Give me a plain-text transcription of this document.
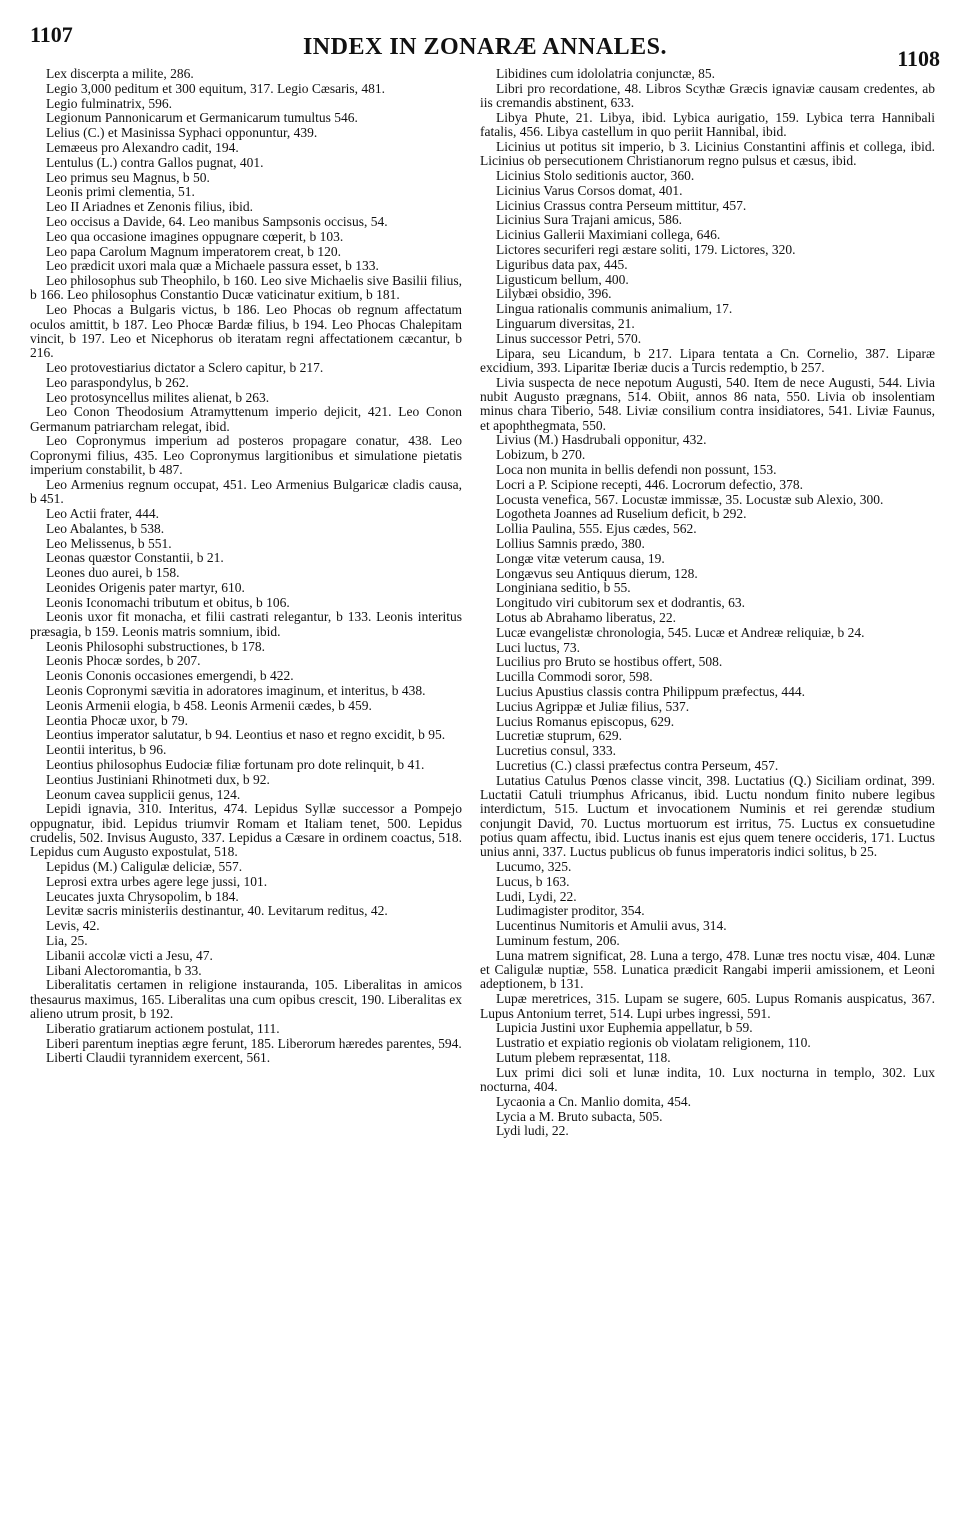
1107	INDEX IN ZONARÆ ANNALES.	1108

Lex discerpta a milite, 286.

Legio 3,000 peditum et 300 equitum, 317. Legio Cæsaris, 481.

Legio fulminatrix, 596.

Legionum Pannonicarum et Germanicarum tumultus 546.

Lelius (C.) et Masinissa Syphaci opponuntur, 439.

Lemæeus pro Alexandro cadit, 194.

Lentulus (L.) contra Gallos pugnat, 401.

Leo primus seu Magnus, b 50.

Leonis primi clementia, 51.

Leo II Ariadnes et Zenonis filius, ibid.

Leo occisus a Davide, 64. Leo manibus Sampsonis occisus, 54.

Leo qua occasione imagines oppugnare cœperit, b 103.

Leo papa Carolum Magnum imperatorem creat, b 120.

Leo prædicit uxori mala quæ a Michaele passura esset, b 133.

Leo philosophus sub Theophilo, b 160. Leo sive Michaelis sive Basilii filius, b 166. Leo philosophus Constantio Ducæ vaticinatur exitium, b 181.

Leo Phocas a Bulgaris victus, b 186. Leo Phocas ob regnum affectatum oculos amittit, b 187. Leo Phocæ Bardæ filius, b 194. Leo Phocas Chalepitam vincit, b 197. Leo et Nicephorus ob iteratam regni affectationem cæcantur, b 216.

Leo protovestiarius dictator a Sclero capitur, b 217.

Leo paraspondylus, b 262.

Leo protosyncellus milites alienat, b 263.

Leo Conon Theodosium Atramyttenum imperio dejicit, 421. Leo Conon Germanum patriarcham relegat, ibid.

Leo Copronymus imperium ad posteros propagare conatur, 438. Leo Copronymi filius, 435. Leo Copronymus largitionibus et simulatione pietatis imperium constabilit, b 487.

Leo Armenius regnum occupat, 451. Leo Armenius Bulgaricæ cladis causa, b 451.

Leo Actii frater, 444.

Leo Abalantes, b 538.

Leo Melissenus, b 551.

Leonas quæstor Constantii, b 21.

Leones duo aurei, b 158.

Leonides Origenis pater martyr, 610.

Leonis Iconomachi tributum et obitus, b 106.

Leonis uxor fit monacha, et filii castrati relegantur, b 133. Leonis interitus præsagia, b 159. Leonis matris somnium, ibid.

Leonis Philosophi substructiones, b 178.

Leonis Phocæ sordes, b 207.

Leonis Cononis occasiones emergendi, b 422.

Leonis Copronymi sævitia in adoratores imaginum, et interitus, b 438.

Leonis Armenii elogia, b 458. Leonis Armenii cædes, b 459.

Leontia Phocæ uxor, b 79.

Leontius imperator salutatur, b 94. Leontius et naso et regno excidit, b 95.

Leontii interitus, b 96.

Leontius philosophus Eudociæ filiæ fortunam pro dote relinquit, b 41.

Leontius Justiniani Rhinotmeti dux, b 92.

Leonum cavea supplicii genus, 124.

Lepidi ignavia, 310. Interitus, 474. Lepidus Syllæ successor a Pompejo oppugnatur, ibid. Lepidus triumvir Romam et Italiam tenet, 500. Lepidus crudelis, 502. Invisus Augusto, 337. Lepidus a Cæsare in ordinem coactus, 518. Lepidus cum Augusto expostulat, 518.

Lepidus (M.) Caligulæ deliciæ, 557.

Leprosi extra urbes agere lege jussi, 101.

Leucates juxta Chrysopolim, b 184.

Levitæ sacris ministeriis destinantur, 40. Levitarum reditus, 42.

Levis, 42.

Lia, 25.

Libanii accolæ victi a Jesu, 47.

Libani Alectoromantia, b 33.

Liberalitatis certamen in religione instauranda, 105. Liberalitas in amicos thesaurus maximus, 165. Liberalitas una cum opibus crescit, 190. Liberalitas ex alieno utrum prosit, b 192.

Liberatio gratiarum actionem postulat, 111.

Liberi parentum ineptias ægre ferunt, 185. Liberorum hæredes parentes, 594.

Liberti Claudii tyrannidem exercent, 561.

Libidines cum idololatria conjunctæ, 85.

Libri pro recordatione, 48. Libros Scythæ Græcis ignaviæ causam credentes, ab iis cremandis abstinent, 633.

Libya Phute, 21. Libya, ibid. Lybica aurigatio, 159. Lybica terra Hannibali fatalis, 456. Libya castellum in quo periit Hannibal, ibid.

Licinius ut potitus sit imperio, b 3. Licinius Constantini affinis et collega, ibid. Licinius ob persecutionem Christianorum regno pulsus et cæsus, ibid.

Licinius Stolo seditionis auctor, 360.

Licinius Varus Corsos domat, 401.

Licinius Crassus contra Perseum mittitur, 457.

Licinius Sura Trajani amicus, 586.

Licinius Gallerii Maximiani collega, 646.

Lictores securiferi regi æstare soliti, 179. Lictores, 320.

Liguribus data pax, 445.

Ligusticum bellum, 400.

Lilybæi obsidio, 396.

Lingua rationalis communis animalium, 17.

Linguarum diversitas, 21.

Linus successor Petri, 570.

Lipara, seu Licandum, b 217. Lipara tentata a Cn. Cornelio, 387. Liparæ excidium, 393. Liparitæ Iberiæ ducis a Turcis redemptio, b 257.

Livia suspecta de nece nepotum Augusti, 540. Item de nece Augusti, 544. Livia nubit Augusto prægnans, 514. Obiit, annos 86 nata, 550. Livia ob insolentiam minus chara Tiberio, 548. Liviæ consilium contra insidiatores, 541. Liviæ Faunus, et apophthegmata, 550.

Livius (M.) Hasdrubali opponitur, 432.

Lobizum, b 270.

Loca non munita in bellis defendi non possunt, 153.

Locri a P. Scipione recepti, 446. Locrorum defectio, 378.

Locusta venefica, 567. Locustæ immissæ, 35. Locustæ sub Alexio, 300.

Logotheta Joannes ad Ruselium deficit, b 292.

Lollia Paulina, 555. Ejus cædes, 562.

Lollius Samnis prædo, 380.

Longæ vitæ veterum causa, 19.

Longævus seu Antiquus dierum, 128.

Longiniana seditio, b 55.

Longitudo viri cubitorum sex et dodrantis, 63.

Lotus ab Abrahamo liberatus, 22.

Lucæ evangelistæ chronologia, 545. Lucæ et Andreæ reliquiæ, b 24.

Luci luctus, 73.

Lucilius pro Bruto se hostibus offert, 508.

Lucilla Commodi soror, 598.

Lucius Apustius classis contra Philippum præfectus, 444.

Lucius Agrippæ et Juliæ filius, 537.

Lucius Romanus episcopus, 629.

Lucretiæ stuprum, 629.

Lucretius consul, 333.

Lucretius (C.) classi præfectus contra Perseum, 457.

Lutatius Catulus Pœnos classe vincit, 398. Luctatius (Q.) Siciliam ordinat, 399. Luctatii Catuli triumphus Africanus, ibid. Luctu nondum finito nubere legibus interdictum, 515. Luctum et invocationem Numinis et rei gerendæ studium conjungit David, 70. Luctus mortuorum est irritus, 75. Luctus ex consuetudine potius quam affectu, ibid. Luctus inanis est ejus quem tenere occideris, 171. Luctus unius anni, 337. Luctus publicus ob funus imperatoris indici solitus, b 25.

Lucumo, 325.

Lucus, b 163.

Ludi, Lydi, 22.

Ludimagister proditor, 354.

Lucentinus Numitoris et Amulii avus, 314.

Luminum festum, 206.

Luna matrem significat, 28. Luna a tergo, 478. Lunæ tres noctu visæ, 404. Lunæ et Caligulæ nuptiæ, 558. Lunatica prædicit Rangabi imperii amissionem, et Leoni adeptionem, b 131.

Lupæ meretrices, 315. Lupam se sugere, 605. Lupus Romanis auspicatus, 367. Lupus Antonium terret, 514. Lupi urbes ingressi, 591.

Lupicia Justini uxor Euphemia appellatur, b 59.

Lustratio et expiatio regionis ob violatam religionem, 110.

Lutum plebem repræsentat, 118.

Lux primi dici soli et lunæ indita, 10. Lux nocturna in templo, 302. Lux nocturna, 404.

Lycaonia a Cn. Manlio domita, 454.

Lycia a M. Bruto subacta, 505.

Lydi ludi, 22.
